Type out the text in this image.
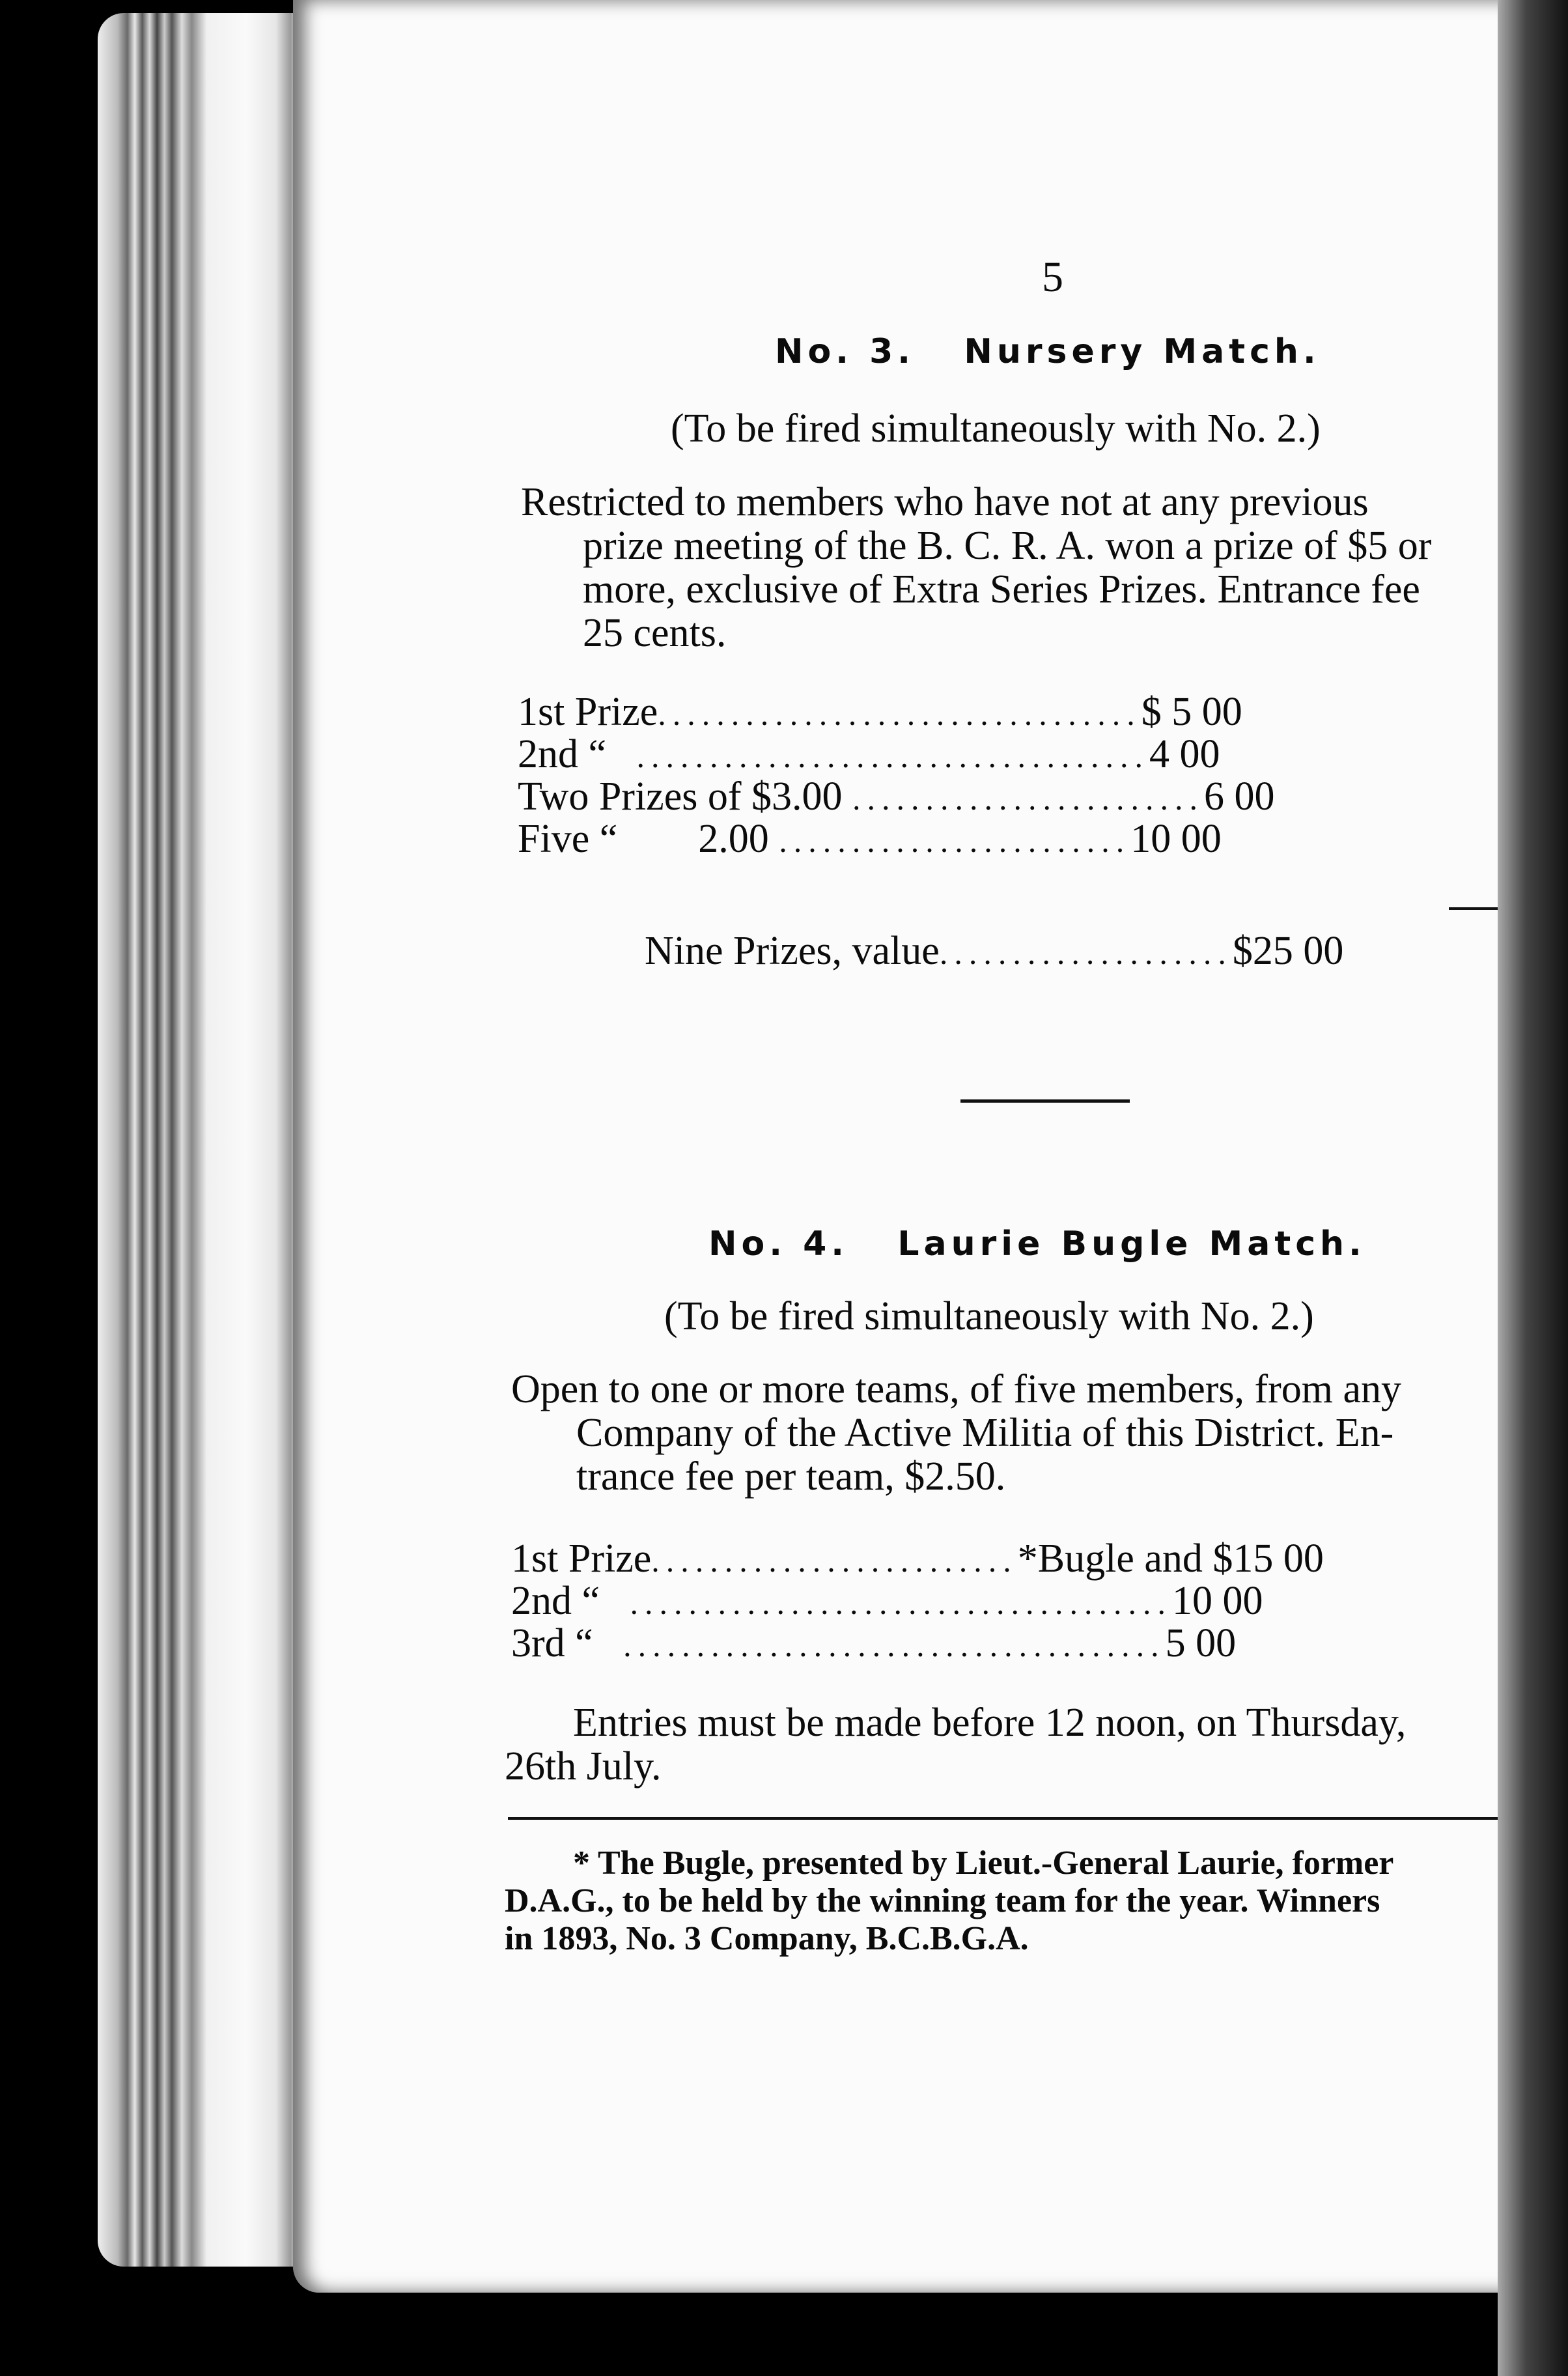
5
No. 3. Nursery Match.
(To be fired simultaneously with No. 2.)
Restricted to members who have not at any previous
prize meeting of the B. C. R. A. won a prize of $5 or
more, exclusive of Extra Series Prizes. Entrance fee
25 cents.
1st Prize.................................$ 5 00
2nd “ ...................................4 00
Two Prizes of $3.00 ........................6 00
Five “        2.00 ........................10 00
Nine Prizes, value....................$25 00
No. 4. Laurie Bugle Match.
(To be fired simultaneously with No. 2.)
Open to one or more teams, of five members, from any
Company of the Active Militia of this District. En-
trance fee per team, $2.50.
1st Prize.........................*Bugle and $15 00
2nd “ .....................................10 00
3rd “ .....................................5 00
Entries must be made before 12 noon, on Thursday,
26th July.
* The Bugle, presented by Lieut.-General Laurie, former
D.A.G., to be held by the winning team for the year. Winners
in 1893, No. 3 Company, B.C.B.G.A.
